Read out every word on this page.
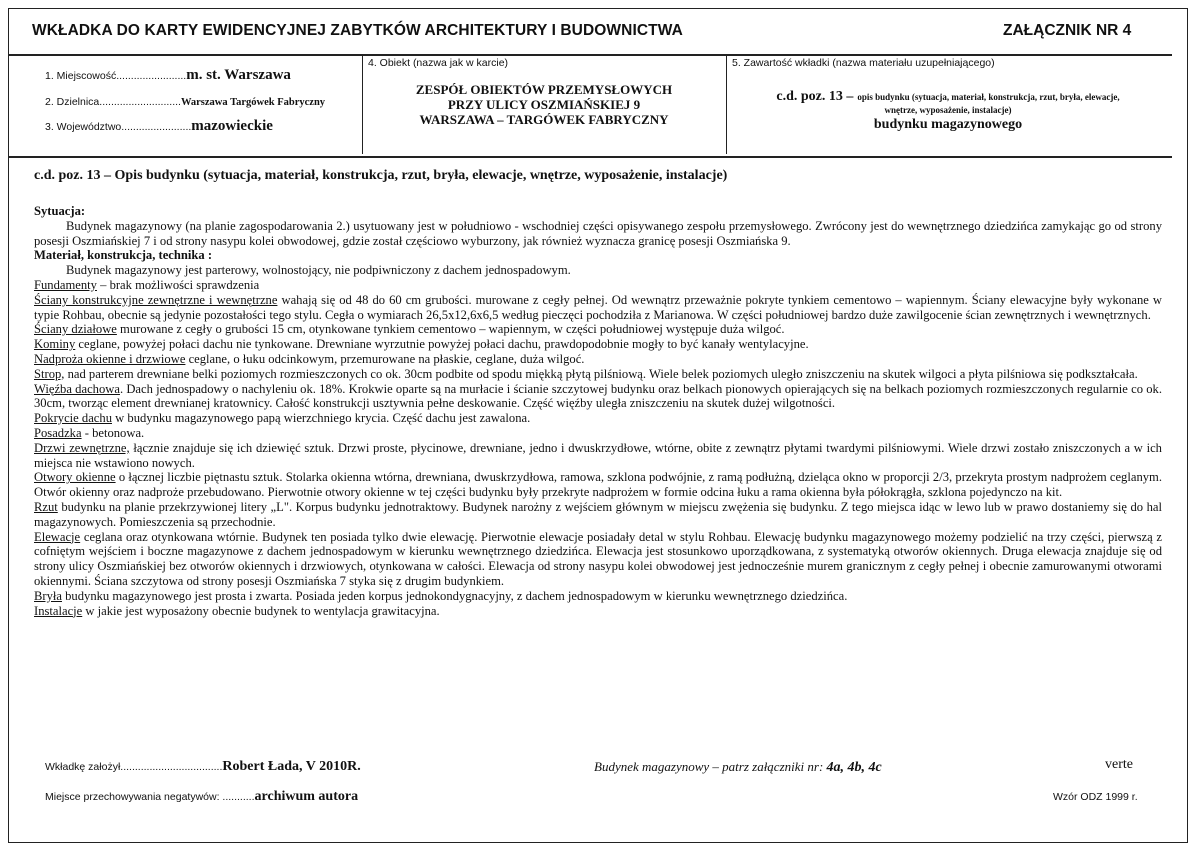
WKŁADKA DO KARTY EWIDENCYJNEJ ZABYTKÓW ARCHITEKTURY I BUDOWNICTWA	ZAŁĄCZNIK NR 4
1. Miejscowość........................m. st. Warszawa
2. Dzielnica............................Warszawa Targówek Fabryczny
3. Województwo........................mazowieckie
4. Obiekt (nazwa jak w karcie)
ZESPÓŁ OBIEKTÓW PRZEMYSŁOWYCH
PRZY ULICY OSZMIAŃSKIEJ 9
WARSZAWA – TARGÓWEK FABRYCZNY
5. Zawartość wkładki (nazwa materiału uzupełniającego)
c.d. poz. 13 – opis budynku (sytuacja, materiał, konstrukcja, rzut, bryła, elewacje,
wnętrze, wyposażenie, instalacje)
budynku magazynowego
c.d. poz. 13 – Opis budynku (sytuacja, materiał, konstrukcja, rzut, bryła, elewacje, wnętrze, wyposażenie, instalacje)

Sytuacja:

Budynek magazynowy (na planie zagospodarowania 2.) usytuowany jest w południowo - wschodniej części opisywanego zespołu przemysłowego. Zwrócony jest do wewnętrznego dziedzińca zamykając go od strony posesji Oszmiańskiej 7 i od strony nasypu kolei obwodowej, gdzie został częściowo wyburzony, jak również wyznacza granicę posesji Oszmiańska 9.

Materiał, konstrukcja, technika :

Budynek magazynowy jest parterowy, wolnostojący, nie podpiwniczony z dachem jednospadowym.

Fundamenty – brak możliwości sprawdzenia

Ściany konstrukcyjne zewnętrzne i wewnętrzne wahają się od 48 do 60 cm grubości. murowane z cegły pełnej. Od wewnątrz przeważnie pokryte tynkiem cementowo – wapiennym. Ściany elewacyjne były wykonane w typie Rohbau, obecnie są jedynie pozostałości tego stylu. Cegła o wymiarach 26,5x12,6x6,5 według pieczęci pochodziła z Marianowa. W części południowej bardzo duże zawilgocenie ścian zewnętrznych i wewnętrznych.

Ściany działowe murowane z cegły o grubości 15 cm, otynkowane tynkiem cementowo – wapiennym, w części południowej występuje duża wilgoć.

Kominy ceglane, powyżej połaci dachu nie tynkowane. Drewniane wyrzutnie powyżej połaci dachu, prawdopodobnie mogły to być kanały wentylacyjne.

Nadproża okienne i drzwiowe ceglane, o łuku odcinkowym, przemurowane na płaskie, ceglane, duża wilgoć.

Strop, nad parterem drewniane belki poziomych rozmieszczonych co ok. 30cm podbite od spodu miękką płytą pilśniową. Wiele belek poziomych uległo zniszczeniu na skutek wilgoci a płyta pilśniowa się podkształcała.

Więźba dachowa. Dach jednospadowy o nachyleniu ok. 18%. Krokwie oparte są na murłacie i ścianie szczytowej budynku oraz belkach pionowych opierających się na belkach poziomych rozmieszczonych regularnie co ok. 30cm, tworząc element drewnianej kratownicy. Całość konstrukcji usztywnia pełne deskowanie. Część więźby uległa zniszczeniu na skutek dużej wilgotności.

Pokrycie dachu w budynku magazynowego papą wierzchniego krycia. Część dachu jest zawalona.

Posadzka - betonowa.

Drzwi zewnętrzne, łącznie znajduje się ich dziewięć sztuk. Drzwi proste, płycinowe, drewniane, jedno i dwuskrzydłowe, wtórne, obite z zewnątrz płytami twardymi pilśniowymi. Wiele drzwi zostało zniszczonych a w ich miejsca nie wstawiono nowych.

Otwory okienne o łącznej liczbie piętnastu sztuk. Stolarka okienna wtórna, drewniana, dwuskrzydłowa, ramowa, szklona podwójnie, z ramą podłużną, dzieląca okno w proporcji 2/3, przekryta prostym nadprożem ceglanym. Otwór okienny oraz nadproże przebudowano. Pierwotnie otwory okienne w tej części budynku były przekryte nadprożem w formie odcina łuku a rama okienna była półokrągła, szklona pojedynczo na kit.

Rzut budynku na planie przekrzywionej litery „L". Korpus budynku jednotraktowy. Budynek narożny z wejściem głównym w miejscu zwężenia się budynku. Z tego miejsca idąc w lewo lub w prawo dostaniemy się do hal magazynowych. Pomieszczenia są przechodnie.

Elewacje ceglana oraz otynkowana wtórnie. Budynek ten posiada tylko dwie elewację. Pierwotnie elewacje posiadały detal w stylu Rohbau. Elewację budynku magazynowego możemy podzielić na trzy części, pierwszą z cofniętym wejściem i boczne magazynowe z dachem jednospadowym w kierunku wewnętrznego dziedzińca. Elewacja jest stosunkowo uporządkowana, z systematyką otworów okiennych. Druga elewacja znajduje się od strony ulicy Oszmiańskiej bez otworów okiennych i drzwiowych, otynkowana w całości. Elewacja od strony nasypu kolei obwodowej jest jednocześnie murem granicznym z cegły pełnej i obecnie zamurowanymi otworami okiennymi. Ściana szczytowa od strony posesji Oszmiańska 7 styka się z drugim budynkiem.

Bryła budynku magazynowego jest prosta i zwarta. Posiada jeden korpus jednokondygnacyjny, z dachem jednospadowym w kierunku wewnętrznego dziedzińca.

Instalacje w jakie jest wyposażony obecnie budynek to wentylacja grawitacyjna.

Wkładkę założył...................................Robert Łada, V 2010R.
Miejsce przechowywania negatywów: ...........archiwum autora
Budynek magazynowy – patrz załączniki nr: 4a, 4b, 4c	verte
Wzór ODZ 1999 r.
